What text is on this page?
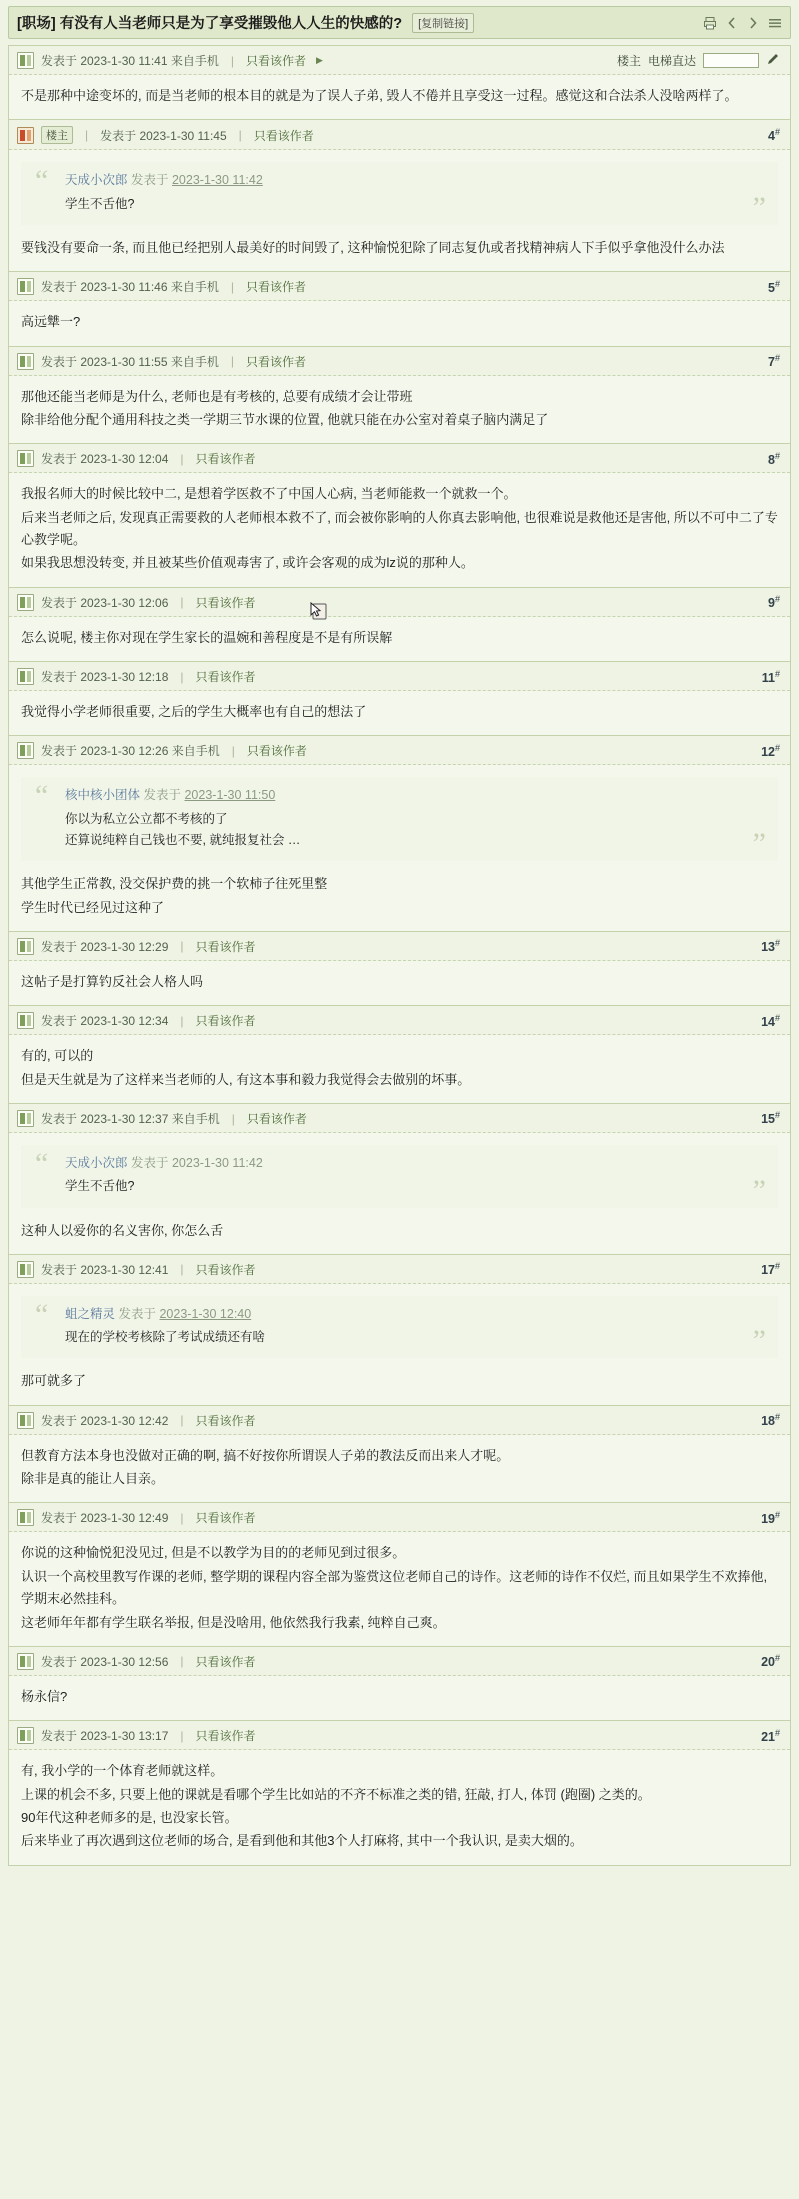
[职场] 有没有人当老师只是为了享受摧毁他人人生的快感的?	[复制链接]
发表于 2023-1-30 11:41 来自手机 | 只看该作者 ▶	楼主 电梯直达

不是那种中途变坏的, 而是当老师的根本目的就是为了误人子弟, 毁人不倦并且享受这一过程。感觉这和合法杀人没啥两样了。

楼主	| 发表于 2023-1-30 11:45 | 只看该作者	4#
“ 天成小次郎 发表于 2023-1-30 11:42
学生不舌他?	”

要钱没有要命一条, 而且他已经把别人最美好的时间毁了, 这种愉悦犯除了同志复仇或者找精神病人下手似乎拿他没什么办法

发表于 2023-1-30 11:46 来自手机 | 只看该作者	5#

高远犨一?

发表于 2023-1-30 11:55 来自手机 | 只看该作者	7#

那他还能当老师是为什么, 老师也是有考核的, 总要有成绩才会让带班

除非给他分配个通用科技之类一学期三节水课的位置, 他就只能在办公室对着桌子脑内满足了

发表于 2023-1-30 12:04 | 只看该作者	8#

我报名师大的时候比较中二, 是想着学医救不了中国人心病, 当老师能救一个就救一个。

后来当老师之后, 发现真正需要救的人老师根本救不了, 而会被你影响的人你真去影响他, 也很难说是救他还是害他, 所以不可中二了专心教学呢。

如果我思想没转变, 并且被某些价值观毒害了, 或许会客观的成为lz说的那种人。

发表于 2023-1-30 12:06 | 只看该作者	9#

怎么说呢, 楼主你对现在学生家长的温婉和善程度是不是有所误解

发表于 2023-1-30 12:18 | 只看该作者	11#

我觉得小学老师很重要, 之后的学生大概率也有自己的想法了

发表于 2023-1-30 12:26 来自手机 | 只看该作者	12#
“ 核中核小团体 发表于 2023-1-30 11:50
你以为私立公立都不考核的了
还算说纯粹自己钱也不要, 就纯报复社会 …	”

其他学生正常教, 没交保护费的挑一个软柿子往死里整

学生时代已经见过这种了

发表于 2023-1-30 12:29 | 只看该作者	13#

这帖子是打算钓反社会人格人吗

发表于 2023-1-30 12:34 | 只看该作者	14#

有的, 可以的

但是天生就是为了这样来当老师的人, 有这本事和毅力我觉得会去做别的坏事。

发表于 2023-1-30 12:37 来自手机 | 只看该作者	15#
“ 天成小次郎 发表于 2023-1-30 11:42
学生不舌他?	”

这种人以爱你的名义害你, 你怎么舌

发表于 2023-1-30 12:41 | 只看该作者	17#
“ 蛆之精灵 发表于 2023-1-30 12:40
现在的学校考核除了考试成绩还有啥	”

那可就多了

发表于 2023-1-30 12:42 | 只看该作者	18#

但教育方法本身也没做对正确的啊, 搞不好按你所谓误人子弟的教法反而出来人才呢。

除非是真的能让人目亲。

发表于 2023-1-30 12:49 | 只看该作者	19#

你说的这种愉悦犯没见过, 但是不以教学为目的的老师见到过很多。

认识一个高校里教写作课的老师, 整学期的课程内容全部为鉴赏这位老师自己的诗作。这老师的诗作不仅烂, 而且如果学生不欢捧他, 学期末必然挂科。

这老师年年都有学生联名举报, 但是没啥用, 他依然我行我素, 纯粹自己爽。

发表于 2023-1-30 12:56 | 只看该作者	20#

杨永信?

发表于 2023-1-30 13:17 | 只看该作者	21#

有, 我小学的一个体育老师就这样。

上课的机会不多, 只要上他的课就是看哪个学生比如站的不齐不标准之类的错, 狂敲, 打人, 体罚 (跑圈) 之类的。

90年代这种老师多的是, 也没家长管。

后来毕业了再次遇到这位老师的场合, 是看到他和其他3个人打麻将, 其中一个我认识, 是卖大烟的。
